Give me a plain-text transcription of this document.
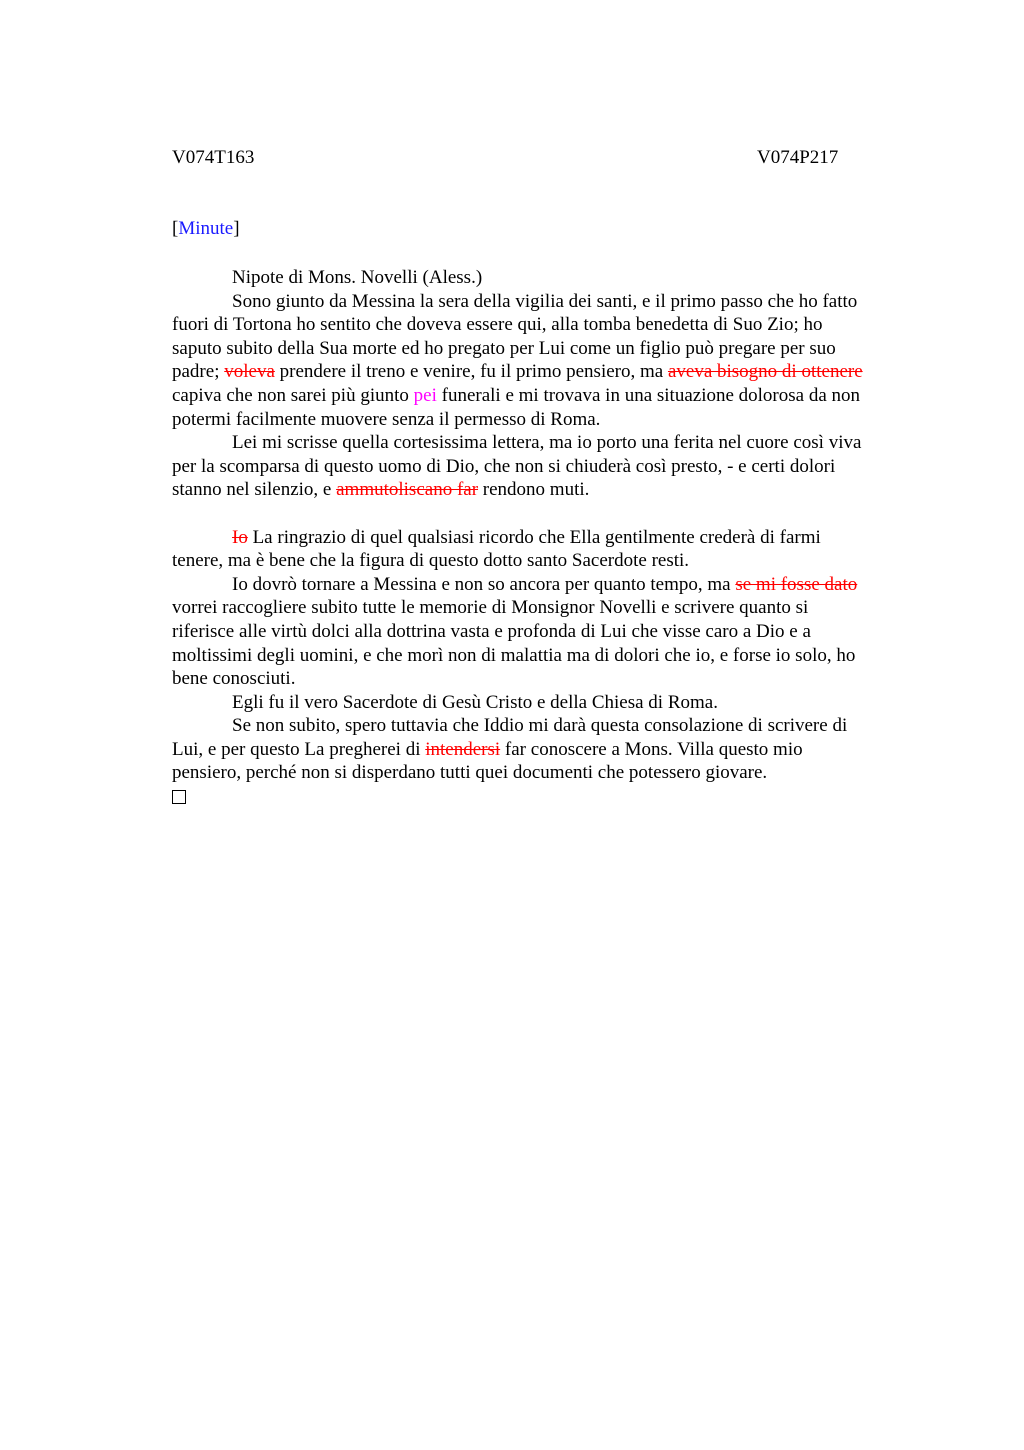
V074T163	V074P217
[Minute]

Nipote di Mons. Novelli (Aless.)

Sono giunto da Messina la sera della vigilia dei santi, e il primo passo che ho fatto

fuori di Tortona ho sentito che doveva essere qui, alla tomba benedetta di Suo Zio; ho
saputo subito della Sua morte ed ho pregato per Lui come un figlio può pregare per suo
padre; voleva prendere il treno e venire, fu il primo pensiero, ma aveva bisogno di ottenere
capiva che non sarei più giunto pei funerali e mi trovava in una situazione dolorosa da non
potermi facilmente muovere senza il permesso di Roma.

Lei mi scrisse quella cortesissima lettera, ma io porto una ferita nel cuore così viva

per la scomparsa di questo uomo di Dio, che non si chiuderà così presto, - e certi dolori
stanno nel silenzio, e ammutoliscano far rendono muti.

Io La ringrazio di quel qualsiasi ricordo che Ella gentilmente crederà di farmi

tenere, ma è bene che la figura di questo dotto santo Sacerdote resti.

Io dovrò tornare a Messina e non so ancora per quanto tempo, ma se mi fosse dato

vorrei raccogliere subito tutte le memorie di Monsignor Novelli e scrivere quanto si
riferisce alle virtù dolci alla dottrina vasta e profonda di Lui che visse caro a Dio e a
moltissimi degli uomini, e che morì non di malattia ma di dolori che io, e forse io solo, ho
bene conosciuti.

Egli fu il vero Sacerdote di Gesù Cristo e della Chiesa di Roma.

Se non subito, spero tuttavia che Iddio mi darà questa consolazione di scrivere di

Lui, e per questo La pregherei di intendersi far conoscere a Mons. Villa questo mio
pensiero, perché non si disperdano tutti quei documenti che potessero giovare.
